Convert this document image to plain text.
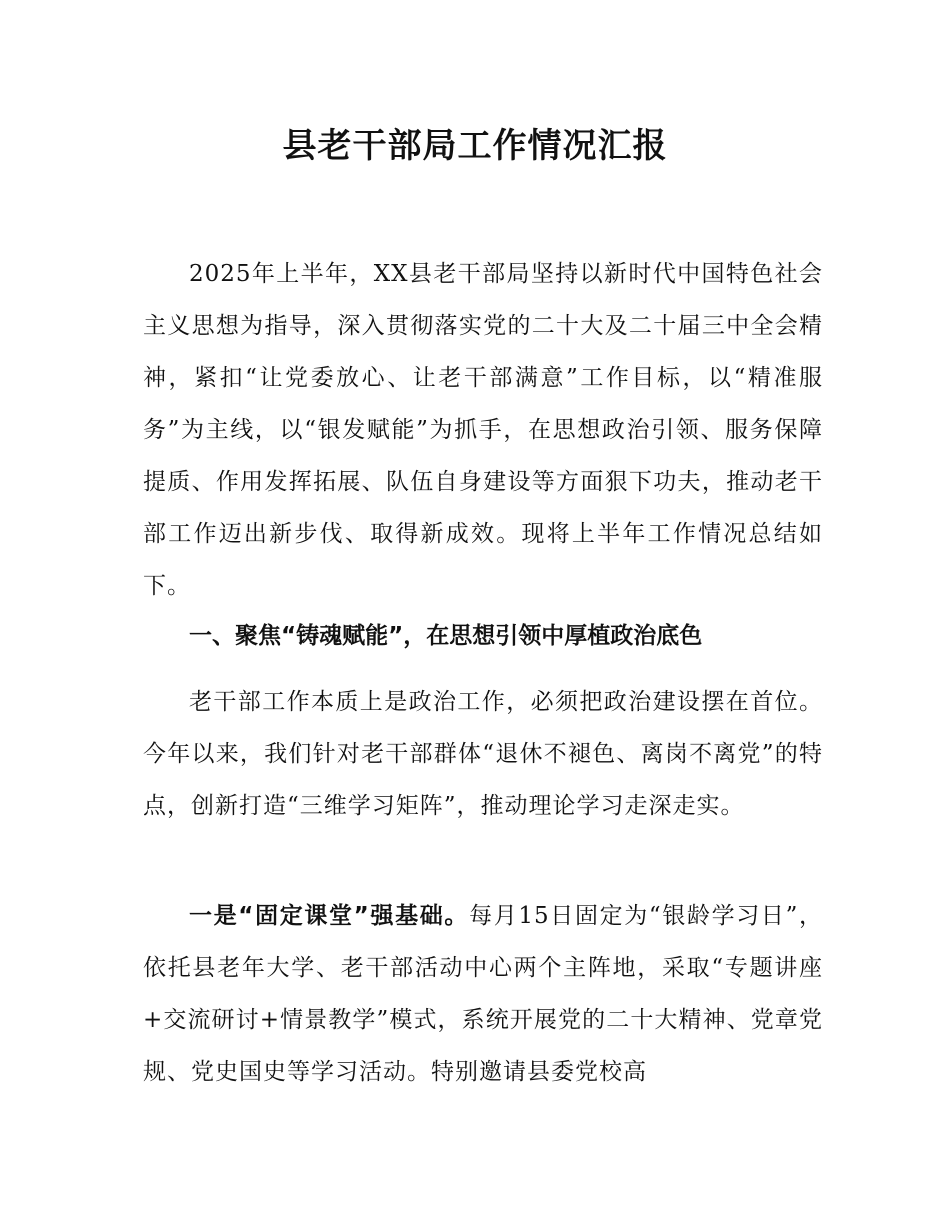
县老干部局工作情况汇报

2025年上半年，XX县老干部局坚持以新时代中国特色社会主义思想为指导，深入贯彻落实党的二十大及二十届三中全会精神，紧扣“让党委放心、让老干部满意”工作目标，以“精准服务”为主线，以“银发赋能”为抓手，在思想政治引领、服务保障提质、作用发挥拓展、队伍自身建设等方面狠下功夫，推动老干部工作迈出新步伐、取得新成效。现将上半年工作情况总结如下。

一、聚焦“铸魂赋能”，在思想引领中厚植政治底色

老干部工作本质上是政治工作，必须把政治建设摆在首位。今年以来，我们针对老干部群体“退休不褪色、离岗不离党”的特点，创新打造“三维学习矩阵”，推动理论学习走深走实。

一是“固定课堂”强基础。每月15日固定为“银龄学习日”，依托县老年大学、老干部活动中心两个主阵地，采取“专题讲座+交流研讨+情景教学”模式，系统开展党的二十大精神、党章党规、党史国史等学习活动。特别邀请县委党校高
